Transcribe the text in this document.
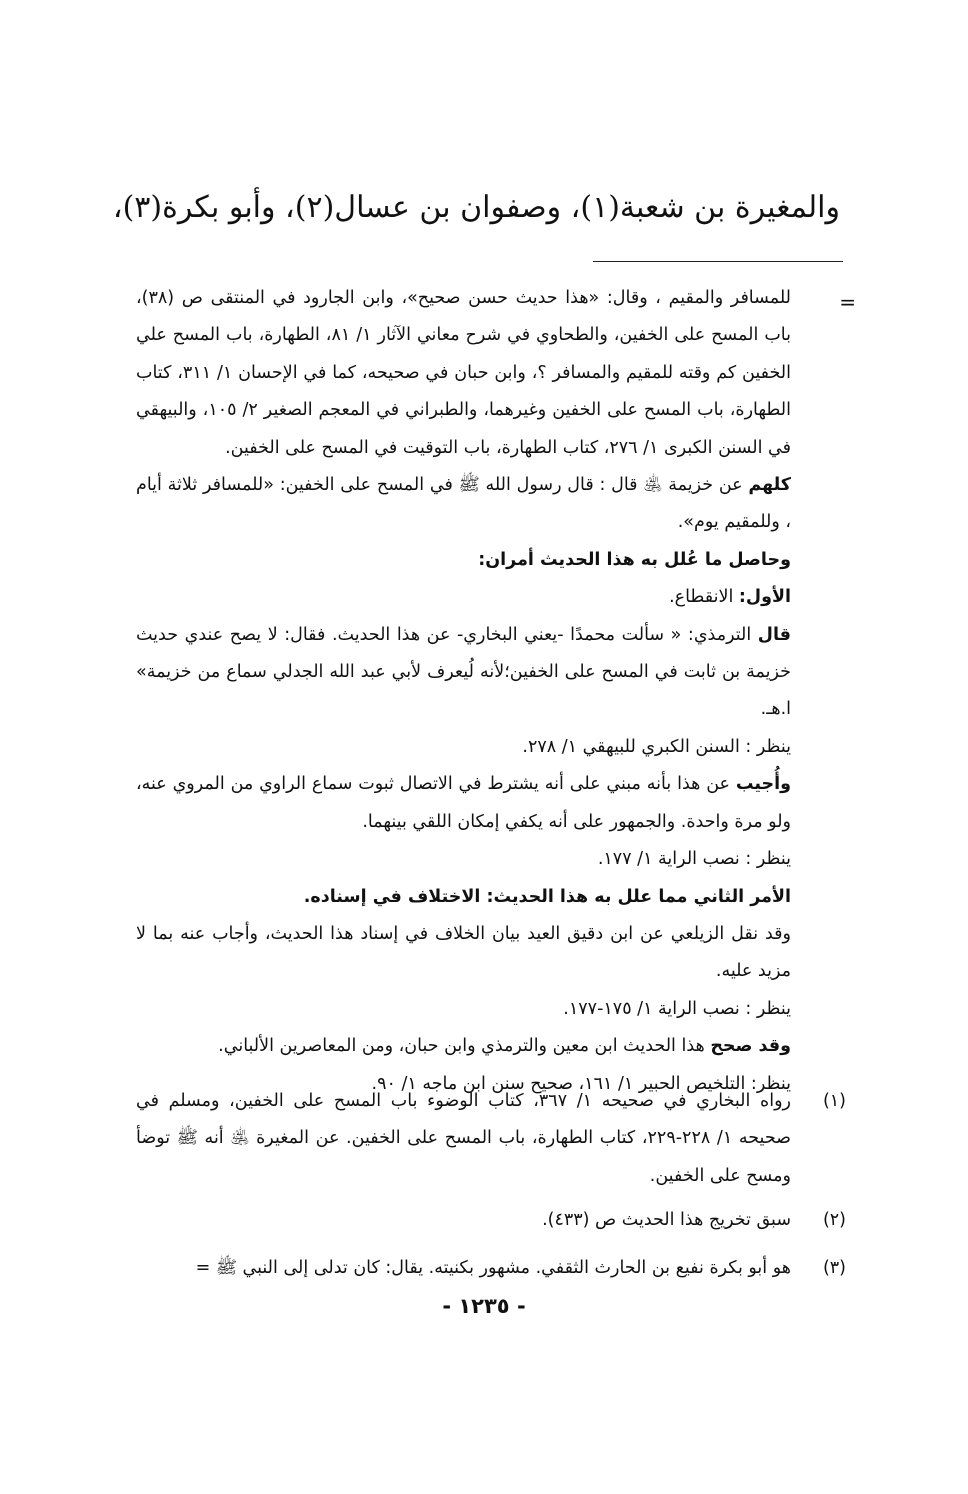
والمغيرة بن شعبة(١)، وصفوان بن عسال(٢)، وأبو بكرة(٣)،
=

للمسافر والمقيم ، وقال: «هذا حديث حسن صحيح»، وابن الجارود في المنتقى ص (٣٨)، باب المسح على الخفين، والطحاوي في شرح معاني الآثار ١/ ٨١، الطهارة، باب المسح علي الخفين كم وقته للمقيم والمسافر ؟، وابن حبان في صحيحه، كما في الإحسان ١/ ٣١١، كتاب الطهارة، باب المسح على الخفين وغيرهما، والطبراني في المعجم الصغير ٢/ ١٠٥، والبيهقي في السنن الكبرى ١/ ٢٧٦، كتاب الطهارة، باب التوقيت في المسح على الخفين.

كلهم عن خزيمة ﵁ قال : قال رسول الله ﷺ في المسح على الخفين: «للمسافر ثلاثة أيام ، وللمقيم يوم».

وحاصل ما عُلل به هذا الحديث أمران:

الأول: الانقطاع.

قال الترمذي: « سألت محمدًا -يعني البخاري- عن هذا الحديث. فقال: لا يصح عندي حديث خزيمة بن ثابت في المسح على الخفين؛لأنه لُيعرف لأبي عبد الله الجدلي سماع من خزيمة» ا.هـ.

ينظر : السنن الكبري للبيهقي ١/ ٢٧٨.

وأُجيب عن هذا بأنه مبني على أنه يشترط في الاتصال ثبوت سماع الراوي من المروي عنه، ولو مرة واحدة. والجمهور على أنه يكفي إمكان اللقي بينهما.

ينظر : نصب الراية ١/ ١٧٧.

الأمر الثاني مما علل به هذا الحديث: الاختلاف في إسناده.

وقد نقل الزيلعي عن ابن دقيق العيد بيان الخلاف في إسناد هذا الحديث، وأجاب عنه بما لا مزيد عليه.

ينظر : نصب الراية ١/ ١٧٥-١٧٧.

وقد صحح هذا الحديث ابن معين والترمذي وابن حبان، ومن المعاصرين الألباني.

ينظر: التلخيص الحبير ١/ ١٦١، صحيح سنن ابن ماجه ١/ ٩٠.

(١)
رواه البخاري في صحيحه ١/ ٣٦٧، كتاب الوضوء باب المسح على الخفين، ومسلم في صحيحه ١/ ٢٢٨-٢٢٩، كتاب الطهارة، باب المسح على الخفين. عن المغيرة ﵁ أنه ﷺ توضأ ومسح على الخفين.
(٢)
سبق تخريج هذا الحديث ص (٤٣٣).
(٣)
هو أبو بكرة نفيع بن الحارث الثقفي. مشهور بكنيته. يقال: كان تدلى إلى النبي ﷺ =
- ١٢٣٥ -
